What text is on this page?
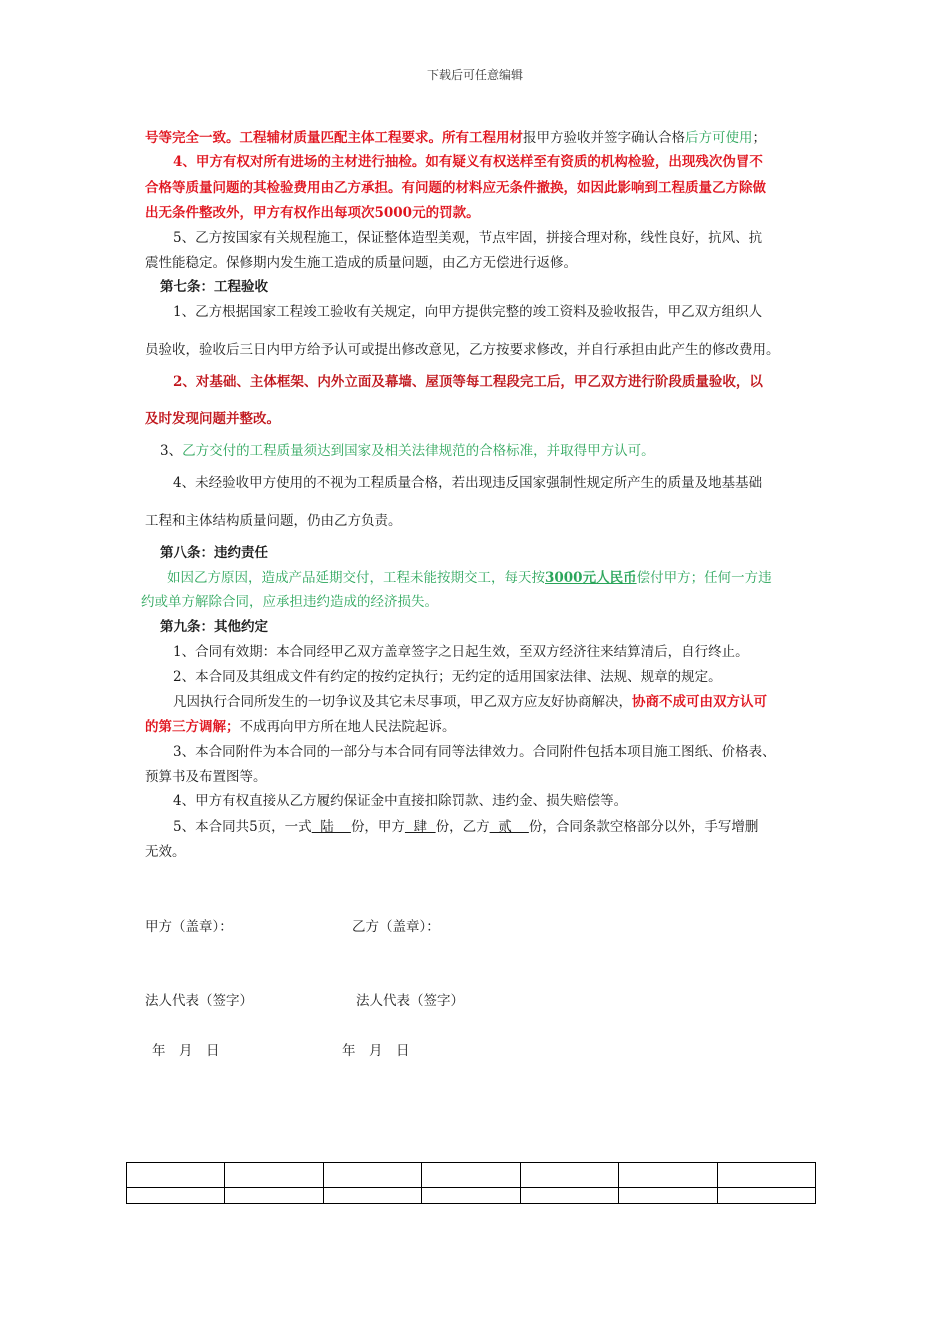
下载后可任意编辑
号等完全一致。工程辅材质量匹配主体工程要求。所有工程用材报甲方验收并签字确认合格后方可使用；
4、甲方有权对所有进场的主材进行抽检。如有疑义有权送样至有资质的机构检验，出现残次伪冒不
合格等质量问题的其检验费用由乙方承担。有问题的材料应无条件撤换，如因此影响到工程质量乙方除做
出无条件整改外，甲方有权作出每项次5000元的罚款。
5、乙方按国家有关规程施工，保证整体造型美观，节点牢固，拼接合理对称，线性良好，抗风、抗
震性能稳定。保修期内发生施工造成的质量问题，由乙方无偿进行返修。
第七条：工程验收
1、乙方根据国家工程竣工验收有关规定，向甲方提供完整的竣工资料及验收报告，甲乙双方组织人
员验收，验收后三日内甲方给予认可或提出修改意见，乙方按要求修改，并自行承担由此产生的修改费用。
2、对基础、主体框架、内外立面及幕墙、屋顶等每工程段完工后，甲乙双方进行阶段质量验收，以
及时发现问题并整改。
3、乙方交付的工程质量须达到国家及相关法律规范的合格标准，并取得甲方认可。
4、未经验收甲方使用的不视为工程质量合格，若出现违反国家强制性规定所产生的质量及地基基础
工程和主体结构质量问题，仍由乙方负责。
第八条：违约责任
如因乙方原因，造成产品延期交付，工程未能按期交工，每天按3000元人民币偿付甲方；任何一方违
约或单方解除合同，应承担违约造成的经济损失。
第九条：其他约定
1、合同有效期：本合同经甲乙双方盖章签字之日起生效，至双方经济往来结算清后，自行终止。
2、本合同及其组成文件有约定的按约定执行；无约定的适用国家法律、法规、规章的规定。
凡因执行合同所发生的一切争议及其它未尽事项，甲乙双方应友好协商解决，协商不成可由双方认可
的第三方调解；不成再向甲方所在地人民法院起诉。
3、本合同附件为本合同的一部分与本合同有同等法律效力。合同附件包括本项目施工图纸、价格表、
预算书及布置图等。
4、甲方有权直接从乙方履约保证金中直接扣除罚款、违约金、损失赔偿等。
5、本合同共5页，一式  陆    份，甲方  肆  份，乙方  贰    份，合同条款空格部分以外，手写增删
无效。
甲方（盖章）：	乙方（盖章）：
法人代表（签字）	法人代表（签字）
年　月　日	年　月　日
